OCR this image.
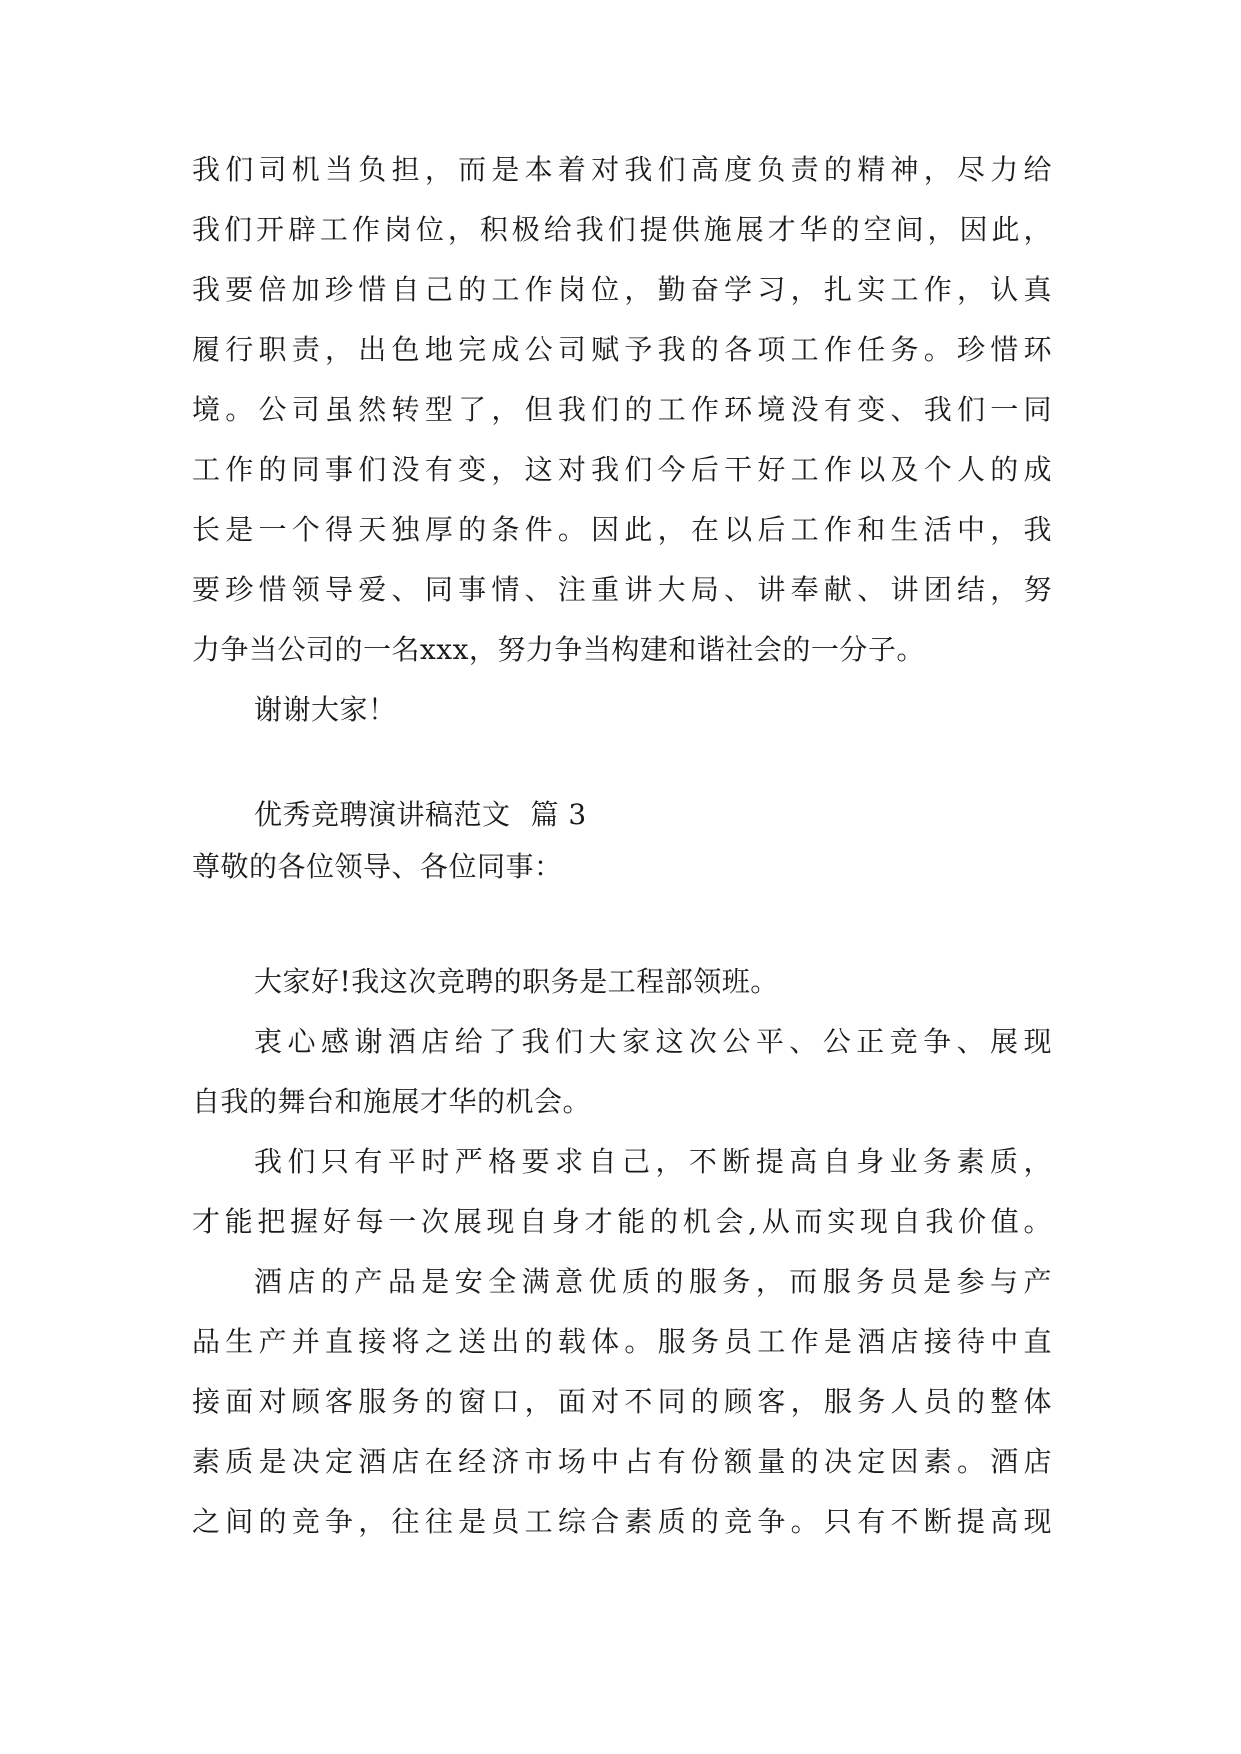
我们司机当负担，而是本着对我们高度负责的精神，尽力给
我们开辟工作岗位，积极给我们提供施展才华的空间，因此，
我要倍加珍惜自己的工作岗位，勤奋学习，扎实工作，认真
履行职责，出色地完成公司赋予我的各项工作任务。珍惜环
境。公司虽然转型了，但我们的工作环境没有变、我们一同
工作的同事们没有变，这对我们今后干好工作以及个人的成
长是一个得天独厚的条件。因此，在以后工作和生活中，我
要珍惜领导爱、同事情、注重讲大局、讲奉献、讲团结，努
力争当公司的一名xxx，努力争当构建和谐社会的一分子。
谢谢大家！
优秀竞聘演讲稿范文 篇 3
尊敬的各位领导、各位同事：
大家好!我这次竞聘的职务是工程部领班。
衷心感谢酒店给了我们大家这次公平、公正竞争、展现
自我的舞台和施展才华的机会。
我们只有平时严格要求自己，不断提高自身业务素质，
才能把握好每一次展现自身才能的机会,从而实现自我价值。
酒店的产品是安全满意优质的服务，而服务员是参与产
品生产并直接将之送出的载体。服务员工作是酒店接待中直
接面对顾客服务的窗口，面对不同的顾客，服务人员的整体
素质是决定酒店在经济市场中占有份额量的决定因素。酒店
之间的竞争，往往是员工综合素质的竞争。只有不断提高现
